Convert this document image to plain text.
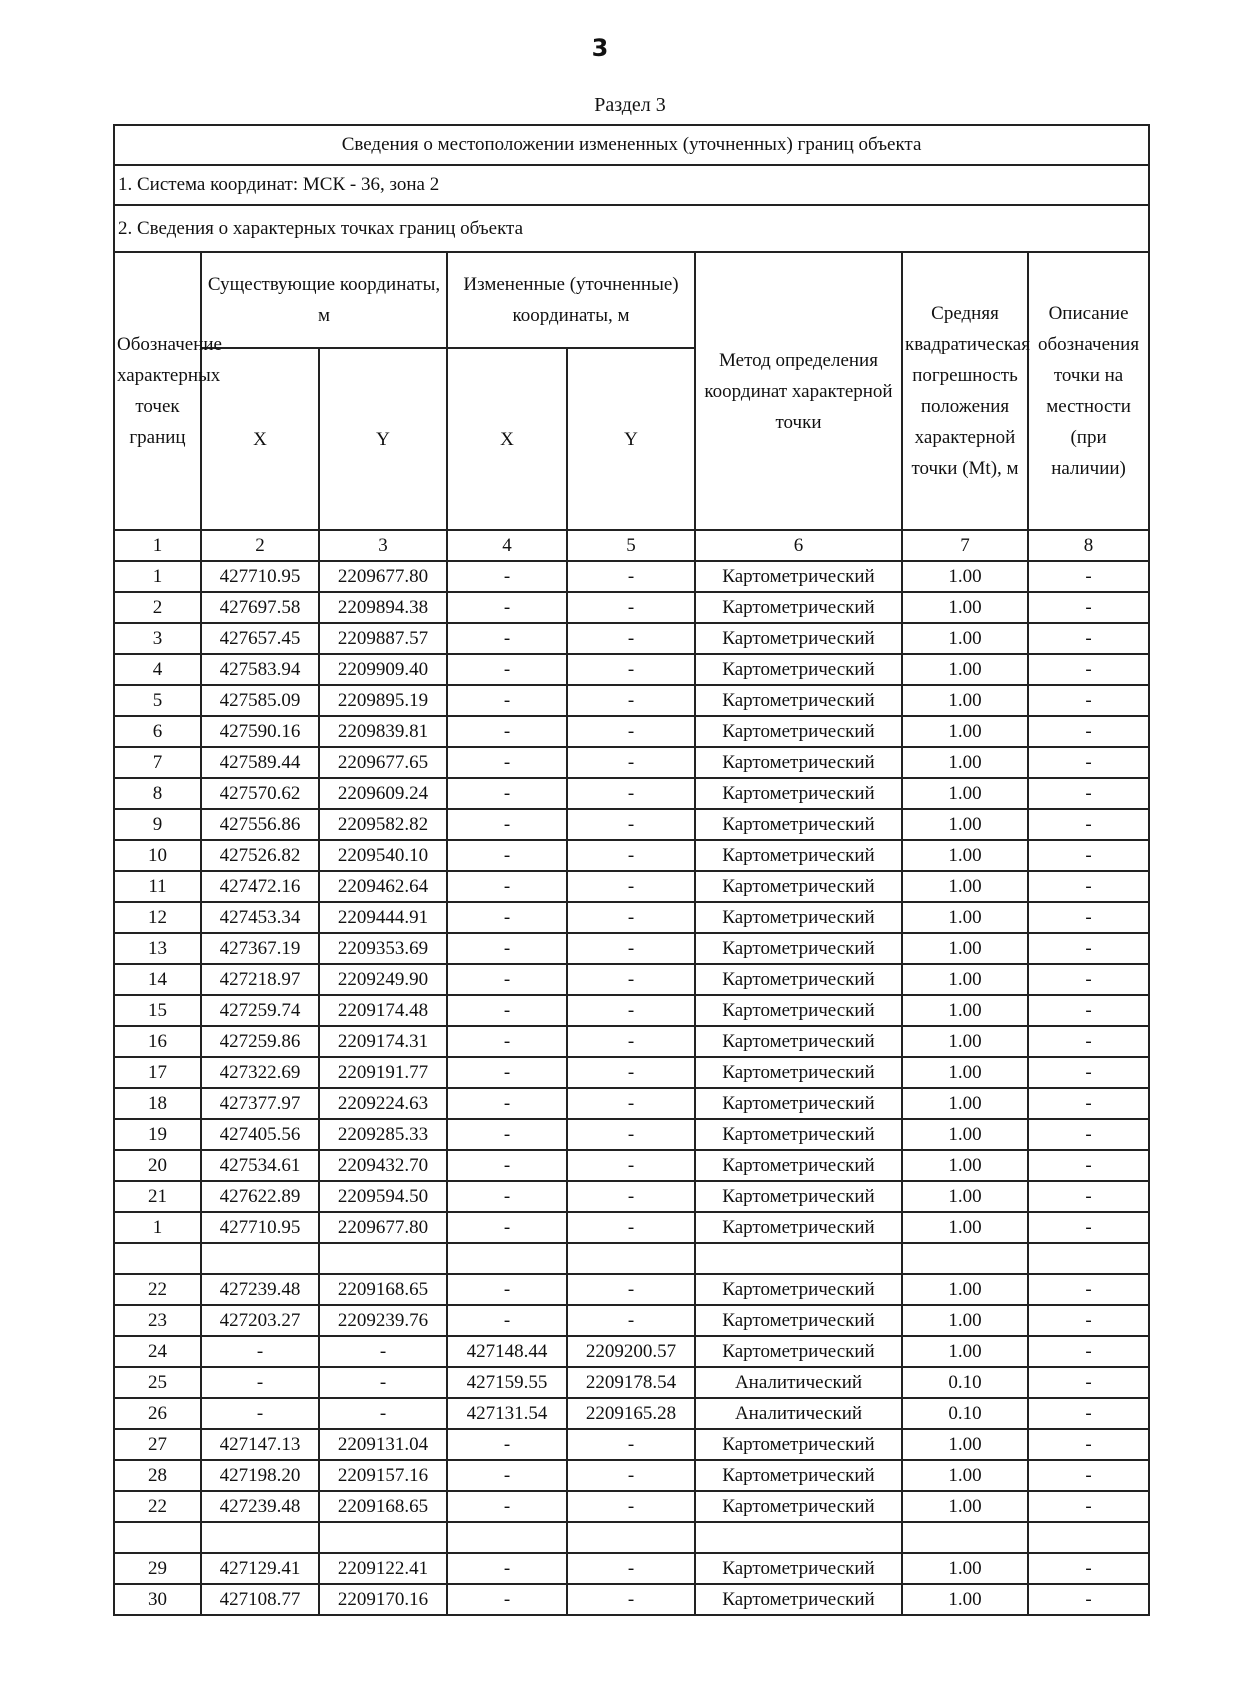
3
Раздел 3
Сведения о местоположении измененных (уточненных) границ объекта							
1. Система координат: МСК - 36, зона 2							
2. Сведения о характерных точках границ объекта							
Обозначение характерных точек границ	Существующие координаты, м		Измененные (уточненные) координаты, м		Метод определения координат характерной точки	Средняя квадратическая погрешность положения характерной точки (Mt), м	Описание обозначения точки на местности (при наличии)
	X	Y	X	Y			
1	2	3	4	5	6	7	8
1	427710.95	2209677.80	-	-	Картометрический	1.00	-
2	427697.58	2209894.38	-	-	Картометрический	1.00	-
3	427657.45	2209887.57	-	-	Картометрический	1.00	-
4	427583.94	2209909.40	-	-	Картометрический	1.00	-
5	427585.09	2209895.19	-	-	Картометрический	1.00	-
6	427590.16	2209839.81	-	-	Картометрический	1.00	-
7	427589.44	2209677.65	-	-	Картометрический	1.00	-
8	427570.62	2209609.24	-	-	Картометрический	1.00	-
9	427556.86	2209582.82	-	-	Картометрический	1.00	-
10	427526.82	2209540.10	-	-	Картометрический	1.00	-
11	427472.16	2209462.64	-	-	Картометрический	1.00	-
12	427453.34	2209444.91	-	-	Картометрический	1.00	-
13	427367.19	2209353.69	-	-	Картометрический	1.00	-
14	427218.97	2209249.90	-	-	Картометрический	1.00	-
15	427259.74	2209174.48	-	-	Картометрический	1.00	-
16	427259.86	2209174.31	-	-	Картометрический	1.00	-
17	427322.69	2209191.77	-	-	Картометрический	1.00	-
18	427377.97	2209224.63	-	-	Картометрический	1.00	-
19	427405.56	2209285.33	-	-	Картометрический	1.00	-
20	427534.61	2209432.70	-	-	Картометрический	1.00	-
21	427622.89	2209594.50	-	-	Картометрический	1.00	-
1	427710.95	2209677.80	-	-	Картометрический	1.00	-

22	427239.48	2209168.65	-	-	Картометрический	1.00	-
23	427203.27	2209239.76	-	-	Картометрический	1.00	-
24	-	-	427148.44	2209200.57	Картометрический	1.00	-
25	-	-	427159.55	2209178.54	Аналитический	0.10	-
26	-	-	427131.54	2209165.28	Аналитический	0.10	-
27	427147.13	2209131.04	-	-	Картометрический	1.00	-
28	427198.20	2209157.16	-	-	Картометрический	1.00	-
22	427239.48	2209168.65	-	-	Картометрический	1.00	-

29	427129.41	2209122.41	-	-	Картометрический	1.00	-
30	427108.77	2209170.16	-	-	Картометрический	1.00	-
